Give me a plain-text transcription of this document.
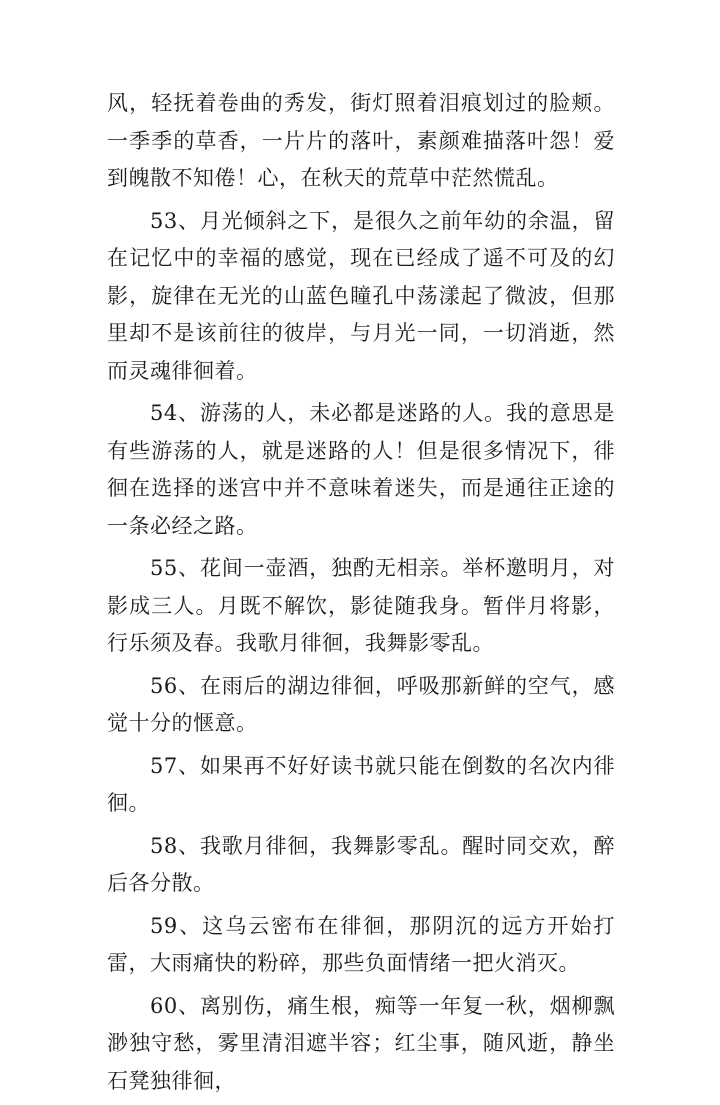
风，轻抚着卷曲的秀发，街灯照着泪痕划过的脸颊。一季季的草香，一片片的落叶，素颜难描落叶怨！爱到魄散不知倦！心，在秋天的荒草中茫然慌乱。

53、月光倾斜之下，是很久之前年幼的余温，留在记忆中的幸福的感觉，现在已经成了遥不可及的幻影，旋律在无光的山蓝色瞳孔中荡漾起了微波，但那里却不是该前往的彼岸，与月光一同，一切消逝，然而灵魂徘徊着。

54、游荡的人，未必都是迷路的人。我的意思是有些游荡的人，就是迷路的人！但是很多情况下，徘徊在选择的迷宫中并不意味着迷失，而是通往正途的一条必经之路。

55、花间一壶酒，独酌无相亲。举杯邀明月，对影成三人。月既不解饮，影徒随我身。暂伴月将影，行乐须及春。我歌月徘徊，我舞影零乱。

56、在雨后的湖边徘徊，呼吸那新鲜的空气，感觉十分的惬意。

57、如果再不好好读书就只能在倒数的名次内徘徊。

58、我歌月徘徊，我舞影零乱。醒时同交欢，醉后各分散。

59、这乌云密布在徘徊，那阴沉的远方开始打雷，大雨痛快的粉碎，那些负面情绪一把火消灭。

60、离别伤，痛生根，痴等一年复一秋，烟柳飘渺独守愁，雾里清泪遮半容；红尘事，随风逝，静坐石凳独徘徊，
